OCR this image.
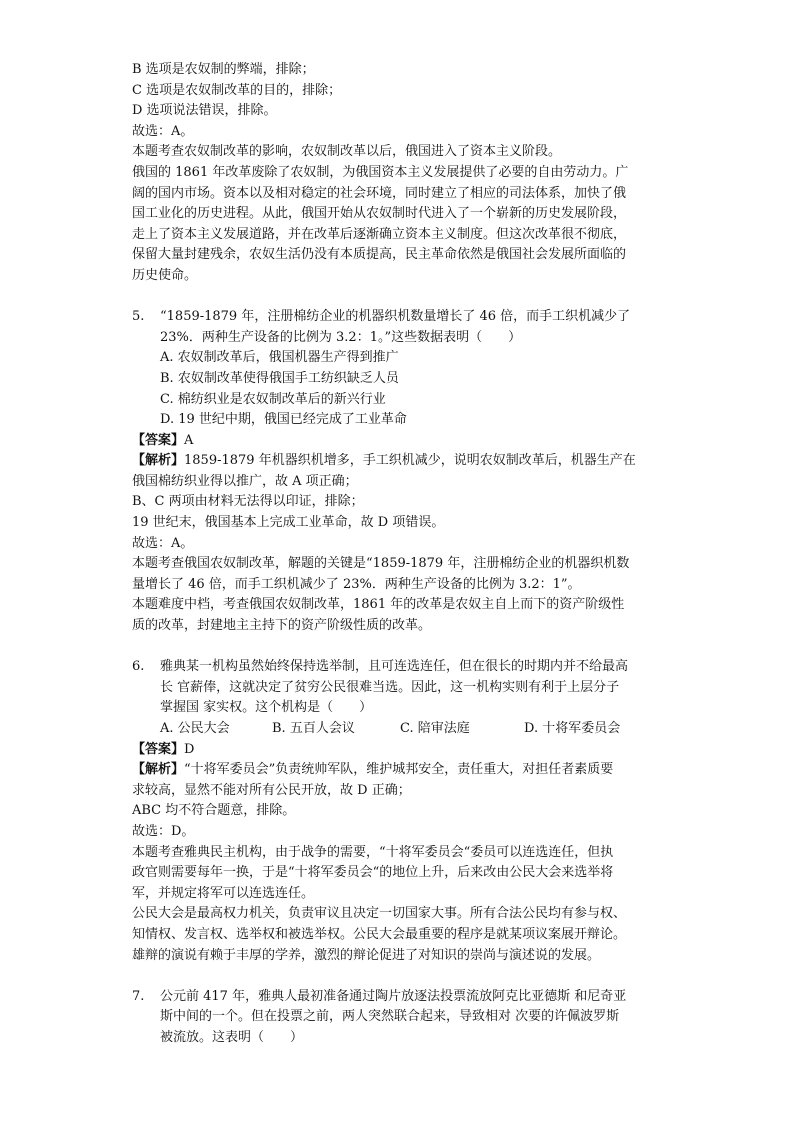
B 选项是农奴制的弊端，排除；

C 选项是农奴制改革的目的，排除；

D 选项说法错误，排除。

故选：A。

本题考查农奴制改革的影响，农奴制改革以后，俄国进入了资本主义阶段。

俄国的 1861 年改革废除了农奴制，为俄国资本主义发展提供了必要的自由劳动力。广

阔的国内市场。资本以及相对稳定的社会环境，同时建立了相应的司法体系，加快了俄

国工业化的历史进程。从此，俄国开始从农奴制时代进入了一个崭新的历史发展阶段，

走上了资本主义发展道路，并在改革后逐渐确立资本主义制度。但这次改革很不彻底，

保留大量封建残余，农奴生活仍没有本质提高，民主革命依然是俄国社会发展所面临的

历史使命。

5.	“1859-1879 年，注册棉纺企业的机器织机数量增长了 46 倍，而手工织机减少了

23%．两种生产设备的比例为 3.2：1。”这些数据表明（　　）

A. 农奴制改革后，俄国机器生产得到推广

B. 农奴制改革使得俄国手工纺织缺乏人员

C. 棉纺织业是农奴制改革后的新兴行业

D. 19 世纪中期，俄国已经完成了工业革命

【答案】A

【解析】1859-1879 年机器织机增多，手工织机减少，说明农奴制改革后，机器生产在

俄国棉纺织业得以推广，故 A 项正确；

B、C 两项由材料无法得以印证，排除；

19 世纪末，俄国基本上完成工业革命，故 D 项错误。

故选：A。

本题考查俄国农奴制改革，解题的关键是“1859-1879 年，注册棉纺企业的机器织机数

量增长了 46 倍，而手工织机减少了 23%．两种生产设备的比例为 3.2：1”。

本题难度中档，考查俄国农奴制改革，1861 年的改革是农奴主自上而下的资产阶级性

质的改革，封建地主主持下的资产阶级性质的改革。

6.	雅典某一机构虽然始终保持选举制，且可连选连任，但在很长的时期内并不给最高

长 官薪俸，这就决定了贫穷公民很难当选。因此，这一机构实则有利于上层分子

掌握国 家实权。这个机构是（　　）

A. 公民大会	B. 五百人会议	C. 陪审法庭	D. 十将军委员会

【答案】D

【解析】“十将军委员会”负责统帅军队，维护城邦安全，责任重大，对担任者素质要

求较高，显然不能对所有公民开放，故 D 正确；

ABC 均不符合题意，排除。

故选：D。

本题考查雅典民主机构，由于战争的需要，“十将军委员会“委员可以连选连任，但执

政官则需要每年一换，于是“十将军委员会“的地位上升，后来改由公民大会来选举将

军，并规定将军可以连选连任。

公民大会是最高权力机关，负责审议且决定一切国家大事。所有合法公民均有参与权、

知情权、发言权、选举权和被选举权。公民大会最重要的程序是就某项议案展开辩论。

雄辩的演说有赖于丰厚的学养，激烈的辩论促进了对知识的崇尚与演述说的发展。

7.	公元前 417 年，雅典人最初准备通过陶片放逐法投票流放阿克比亚德斯 和尼奇亚

斯中间的一个。但在投票之前，两人突然联合起来，导致相对 次要的许佩波罗斯

被流放。这表明（　　）
